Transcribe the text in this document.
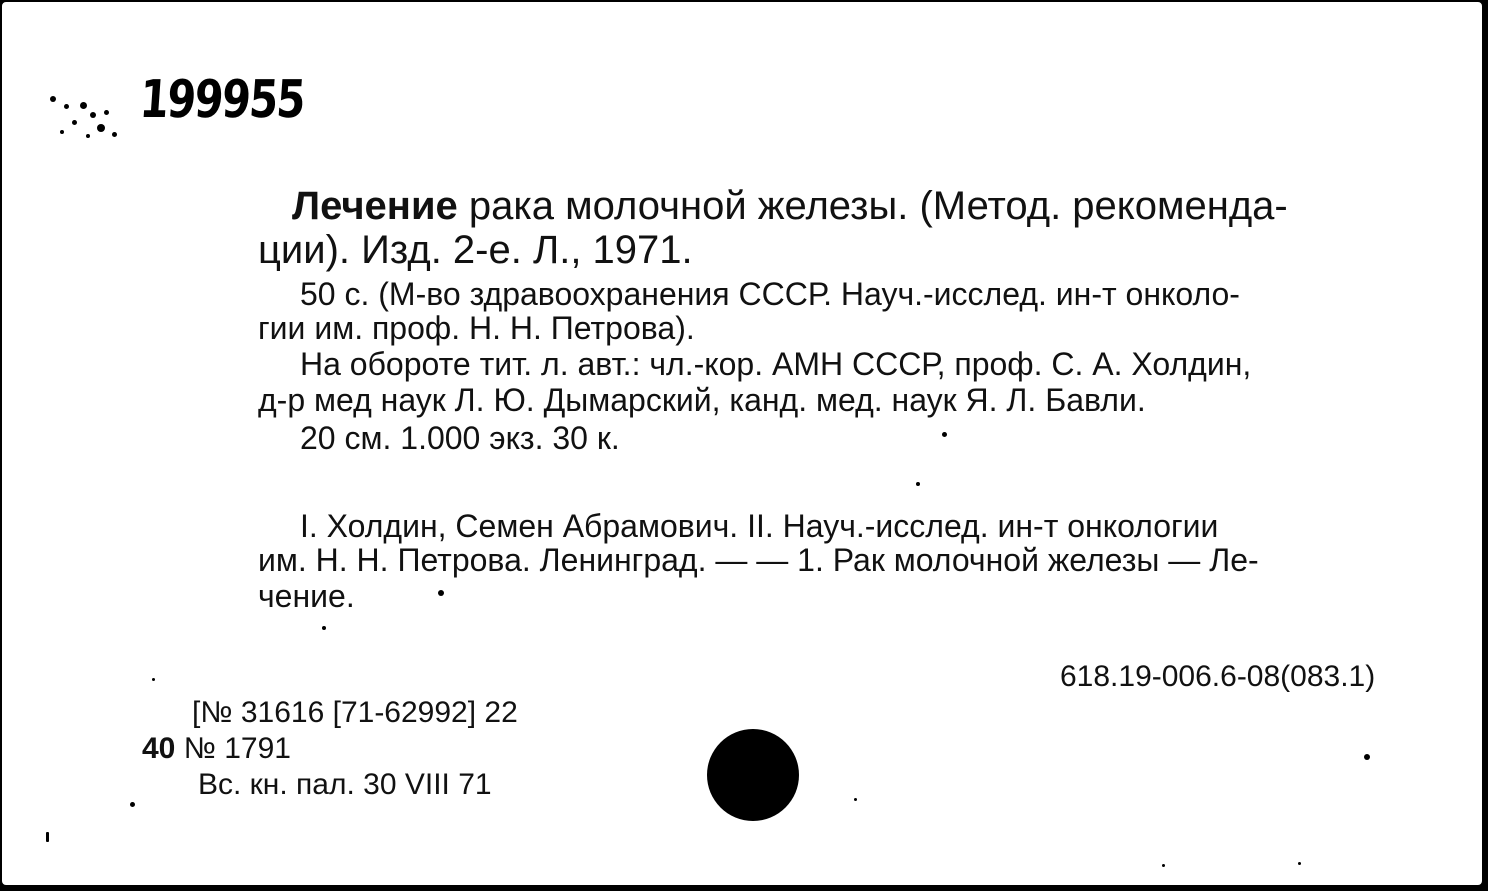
199955
Лечение рака молочной железы. (Метод. рекоменда-
ции). Изд. 2-е. Л., 1971.
50 с. (М-во здравоохранения СССР. Науч.-исслед. ин-т онколо-
гии им. проф. Н. Н. Петрова).
На обороте тит. л. авт.: чл.-кор. АМН СССР, проф. С. А. Холдин,
д-р мед наук Л. Ю. Дымарский, канд. мед. наук Я. Л. Бавли.
20 см. 1.000 экз. 30 к.
I. Холдин, Семен Абрамович. II. Науч.-исслед. ин-т онкологии
им. Н. Н. Петрова. Ленинград. — — 1. Рак молочной железы — Ле-
чение.
618.19-006.6-08(083.1)
[№ 31616 [71-62992] 22
40 № 1791
Вс. кн. пал. 30 VIII 71
